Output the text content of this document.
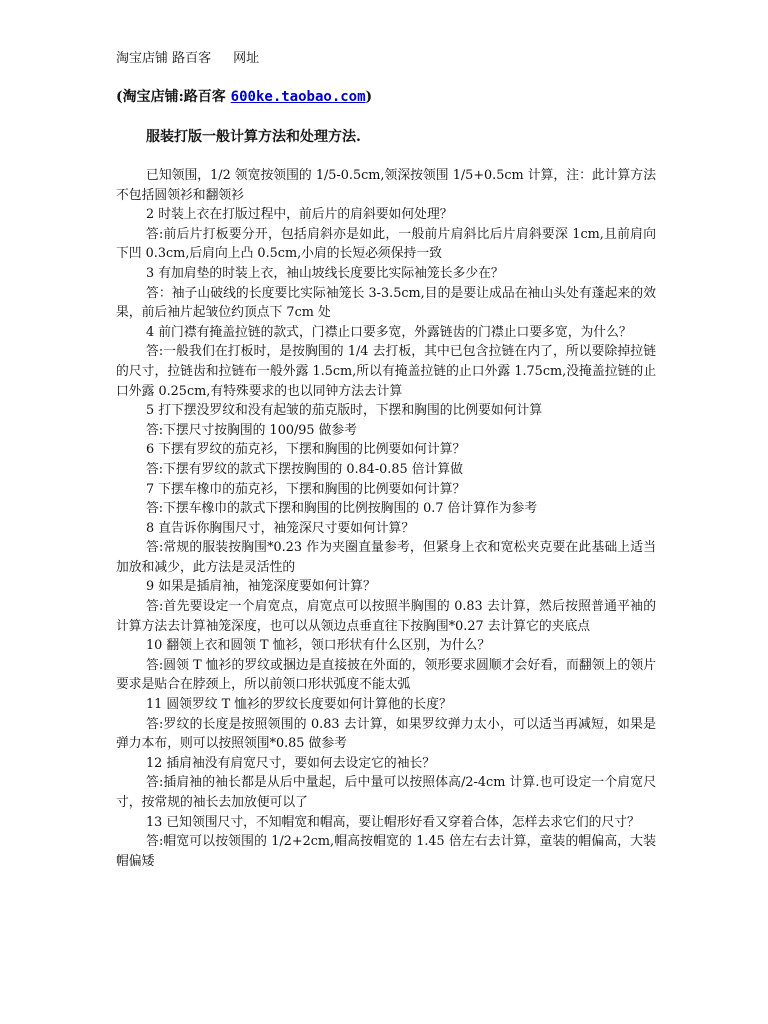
淘宝店铺 路百客 网址
(淘宝店铺:路百客 600ke.taobao.com)
服装打版一般计算方法和处理方法.

已知领围，1/2 领宽按领围的 1/5-0.5cm,领深按领围 1/5+0.5cm 计算，注：此计算方法不包括圆领衫和翻领衫

2 时装上衣在打版过程中，前后片的肩斜要如何处理？

答:前后片打板要分开，包括肩斜亦是如此，一般前片肩斜比后片肩斜要深 1cm,且前肩向下凹 0.3cm,后肩向上凸 0.5cm,小肩的长短必须保持一致

3 有加肩垫的时装上衣，袖山坡线长度要比实际袖笼长多少在？

答：袖子山破线的长度要比实际袖笼长 3-3.5cm,目的是要让成品在袖山头处有蓬起来的效果，前后袖片起皱位约顶点下 7cm 处

4 前门襟有掩盖拉链的款式，门襟止口要多宽，外露链齿的门襟止口要多宽，为什么？

答:一般我们在打板时，是按胸围的 1/4 去打板，其中已包含拉链在内了，所以要除掉拉链的尺寸，拉链齿和拉链布一般外露 1.5cm,所以有掩盖拉链的止口外露 1.75cm,没掩盖拉链的止口外露 0.25cm,有特殊要求的也以同钟方法去计算

5 打下摆没罗纹和没有起皱的茄克版时，下摆和胸围的比例要如何计算

答:下摆尺寸按胸围的 100/95 做参考

6 下摆有罗纹的茄克衫，下摆和胸围的比例要如何计算？

答:下摆有罗纹的款式下摆按胸围的 0.84-0.85 倍计算做

7 下摆车橡巾的茄克衫，下摆和胸围的比例要如何计算？

答:下摆车橡巾的款式下摆和胸围的比例按胸围的 0.7 倍计算作为参考

8 直告诉你胸围尺寸，袖笼深尺寸要如何计算？

答:常规的服装按胸围*0.23 作为夹圈直量参考，但紧身上衣和宽松夹克要在此基础上适当加放和减少，此方法是灵活性的

9 如果是插肩袖，袖笼深度要如何计算？

答:首先要设定一个肩宽点，肩宽点可以按照半胸围的 0.83 去计算，然后按照普通平袖的计算方法去计算袖笼深度，也可以从领边点垂直往下按胸围*0.27 去计算它的夹底点

10 翻领上衣和圆领 T 恤衫，领口形状有什么区别，为什么？

答:圆领 T 恤衫的罗纹或捆边是直接披在外面的，领形要求圆顺才会好看，而翻领上的领片要求是贴合在脖颈上，所以前领口形状弧度不能太弧

11 圆领罗纹 T 恤衫的罗纹长度要如何计算他的长度？

答:罗纹的长度是按照领围的 0.83 去计算，如果罗纹弹力太小，可以适当再减短，如果是弹力本布，则可以按照领围*0.85 做参考

12 插肩袖没有肩宽尺寸，要如何去设定它的袖长？

答:插肩袖的袖长都是从后中量起，后中量可以按照体高/2-4cm 计算.也可设定一个肩宽尺寸，按常规的袖长去加放便可以了

13 已知领围尺寸，不知帽宽和帽高，要让帽形好看又穿着合体，怎样去求它们的尺寸？

答:帽宽可以按领围的 1/2+2cm,帽高按帽宽的 1.45 倍左右去计算，童装的帽偏高，大装帽偏矮
